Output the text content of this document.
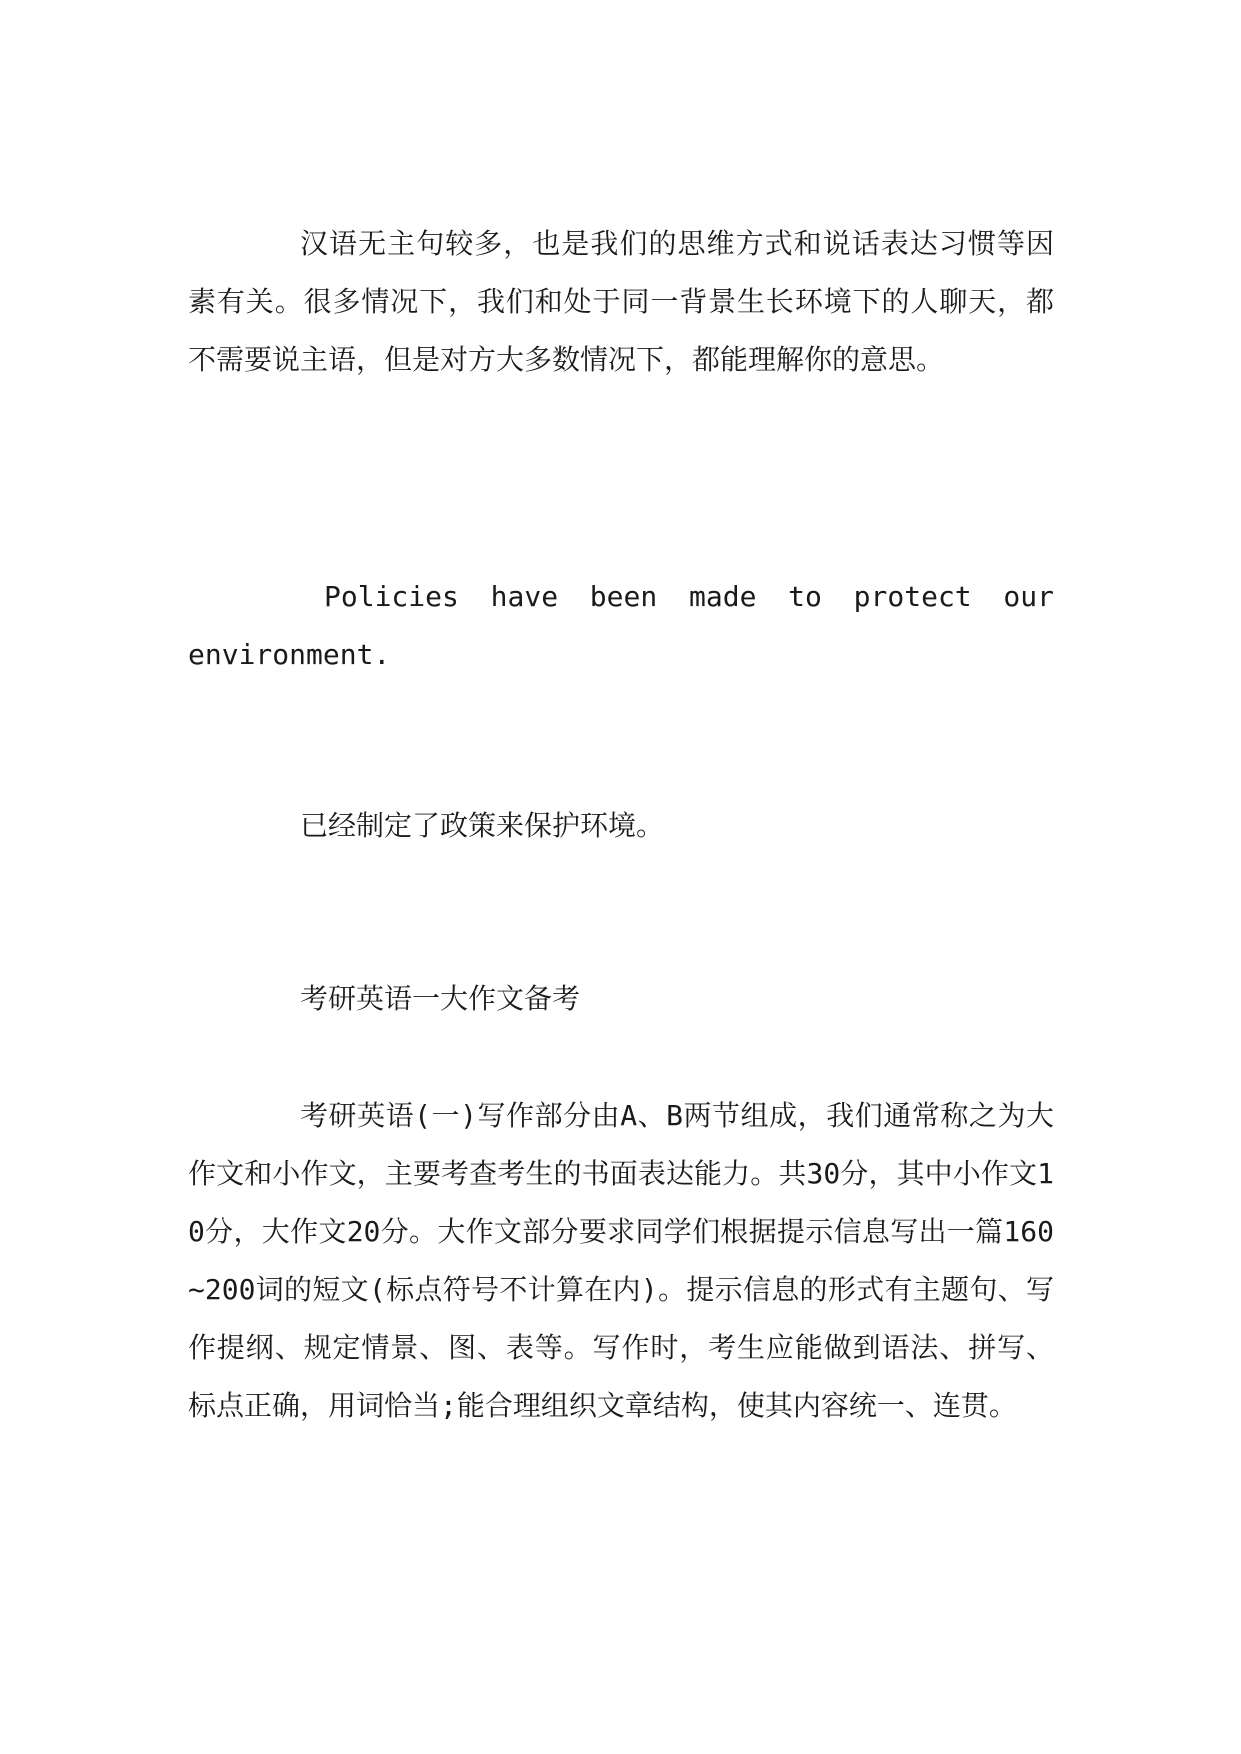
汉语无主句较多，也是我们的思维方式和说话表达习惯等因素有关。很多情况下，我们和处于同一背景生长环境下的人聊天，都不需要说主语，但是对方大多数情况下，都能理解你的意思。

Policies have been made to protect our environment.

已经制定了政策来保护环境。

考研英语一大作文备考

考研英语(一)写作部分由A、B两节组成，我们通常称之为大作文和小作文，主要考查考生的书面表达能力。共30分，其中小作文10分，大作文20分。大作文部分要求同学们根据提示信息写出一篇160~200词的短文(标点符号不计算在内)。提示信息的形式有主题句、写作提纲、规定情景、图、表等。写作时，考生应能做到语法、拼写、标点正确，用词恰当;能合理组织文章结构，使其内容统一、连贯。
